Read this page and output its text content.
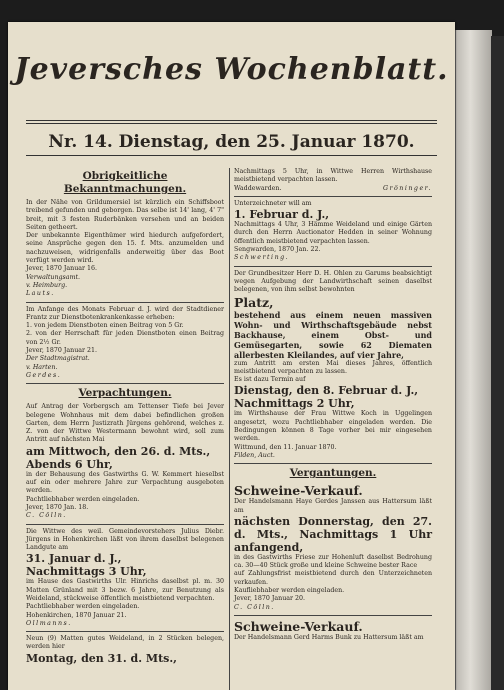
Jeversches Wochenblatt.
Nr. 14. Dienstag, den 25. Januar 1870.
Obrigkeitliche Bekanntmachungen.

In der Nähe von Grildumersiel ist kürzlich ein Schiffsboot treibend gefunden und geborgen. Das selbe ist 14' lang, 4' 7" breit, mit 3 festen Ruderbänken versehen und an beiden Seiten getheert.

Der unbekannte Eigenthümer wird hiedurch aufgefordert, seine Ansprüche gegen den 15. f. Mts. anzumelden und nachzuweisen, widrigenfalls anderweitig über das Boot verfügt werden wird.

Jever, 1870 Januar 16.

Verwaltungsamt.

v. Heimburg.

Lauts.

Im Anfange des Monats Februar d. J. wird der Stadtdiener Frantz zur Dienstbotenkrankenkasse erheben:

1. von jedem Dienstboten einen Beitrag von 5 Gr.

2. von der Herrschaft für jeden Dienstboten einen Beitrag von 2½ Gr.

Jever, 1870 Januar 21.

Der Stadtmagistrat.

v. Harten.

Gerdes.

Verpachtungen.

Auf Antrag der Vorbergsch am Tettenser Tiefe bei Jever belegene Wohnhaus mit dem dabei befindlichen großen Garten, dem Herrn Justizrath Jürgens gehörend, welches z. Z. von der Wittwe Westermann bewohnt wird, soll zum Antritt auf nächsten Mai

am Mittwoch, den 26. d. Mts.,

Abends 6 Uhr,

in der Behausung des Gastwirths G. W. Kemmert hieselbst auf ein oder mehrere Jahre zur Verpachtung ausgeboten werden.

Pachtliebhaber werden eingeladen.

Jever, 1870 Jan. 18.

C. Cölln.

Die Wittwe des weil. Gemeindevorstehers Julius Diebr. Jürgens in Hohenkirchen läßt von ihrem daselbst belegenen Landgute am

31. Januar d. J.,

Nachmittags 3 Uhr,

im Hause des Gastwirths Ulr. Hinrichs daselbst pl. m. 30 Matten Grünland mit 3 bezw. 6 Jahre, zur Benutzung als Weideland, stückweise öffentlich meistbietend verpachten.

Pachtliebhaber werden eingeladen.

Hohenkirchen, 1870 Januar 21.

Ollmanns.

Neun (9) Matten gutes Weideland, in 2 Stücken belegen, werden hier

Montag, den 31. d. Mts.,

Nachmittags 5 Uhr, in Wittwe Herren Wirthshause meistbietend verpachten lassen.

Waddewarden.	Gröninger.

Unterzeichneter will am

1. Februar d. J.,

Nachmittags 4 Uhr, 3 Hämme Weideland und einige Gärten durch den Herrn Auctionator Hedden in seiner Wohnung öffentlich meistbietend verpachten lassen.

Sengwarden, 1870 Jan. 22.

Schwerting.

Der Grundbesitzer Herr D. H. Ohlen zu Garums beabsichtigt wegen Aufgebung der Landwirthschaft seinen daselbst belegenen, von ihm selbst bewohnten

Platz,

bestehend aus einem neuen massiven Wohn- und Wirthschaftsgebäude nebst Backhause, einem Obst- und Gemüsegarten, sowie 62 Diematen allerbesten Kleilandes, auf vier Jahre,

zum Antritt am ersten Mai dieses Jahres, öffentlich meistbietend verpachten zu lassen.

Es ist dazu Termin auf

Dienstag, den 8. Februar d. J.,

Nachmittags 2 Uhr,

im Wirthshause der Frau Wittwe Koch in Uggelingen angesetzt, wozu Pachtliebhaber eingeladen werden. Die Bedingungen können 8 Tage vorher bei mir eingesehen werden.

Wittmund, den 11. Januar 1870.

Filden, Auct.

Vergantungen.

Schweine-Verkauf.

Der Handelsmann Haye Gerdes Janssen aus Hattersum läßt am

nächsten Donnerstag, den 27. d. Mts., Nachmittags 1 Uhr anfangend,

in des Gastwirths Friese zur Hohenluft daselbst Bedrohung ca. 30—40 Stück große und kleine Schweine bester Race

auf Zahlungsfrist meistbietend durch den Unterzeichneten verkaufen.

Kaufliebhaber werden eingeladen.

Jever, 1870 Januar 20.

C. Cölln.

Schweine-Verkauf.

Der Handelsmann Gerd Harms Bunk zu Hattersum läßt am
